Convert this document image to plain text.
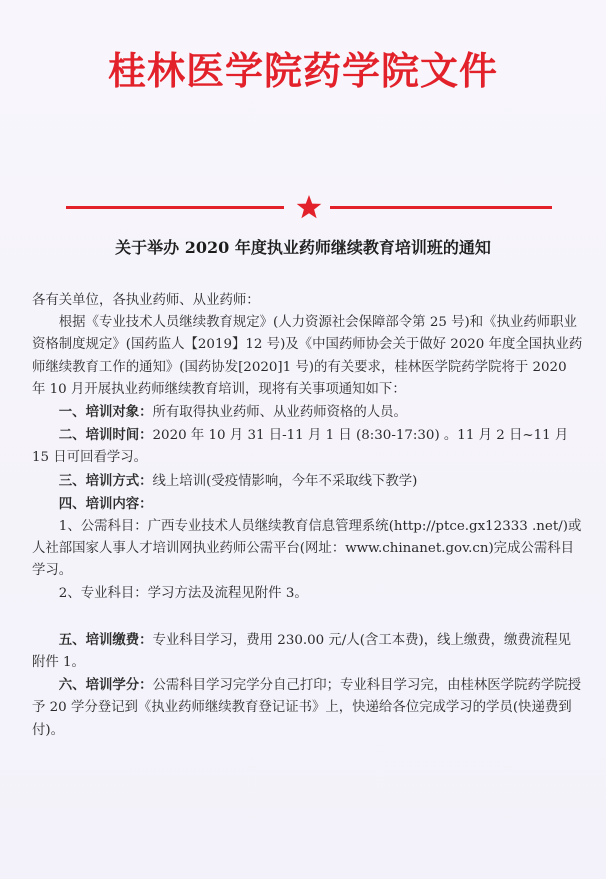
桂林医学院药学院文件
关于举办 2020 年度执业药师继续教育培训班的通知

各有关单位，各执业药师、从业药师：

根据《专业技术人员继续教育规定》(人力资源社会保障部令第 25 号)和《执业药师职业资格制度规定》(国药监人【2019】12 号)及《中国药师协会关于做好 2020 年度全国执业药师继续教育工作的通知》(国药协发[2020]1 号)的有关要求，桂林医学院药学院将于 2020 年 10 月开展执业药师继续教育培训，现将有关事项通知如下：

一、培训对象：所有取得执业药师、从业药师资格的人员。

二、培训时间：2020 年 10 月 31 日-11 月 1 日 (8:30-17:30) 。11 月 2 日~11 月 15 日可回看学习。

三、培训方式：线上培训(受疫情影响，今年不采取线下教学)

四、培训内容：

1、公需科目：广西专业技术人员继续教育信息管理系统(http://ptce.gx12333 .net/)或人社部国家人事人才培训网执业药师公需平台(网址：www.chinanet.gov.cn)完成公需科目学习。

2、专业科目：学习方法及流程见附件 3。

五、培训缴费：专业科目学习，费用 230.00 元/人(含工本费)，线上缴费，缴费流程见附件 1。

六、培训学分：公需科目学习完学分自己打印；专业科目学习完，由桂林医学院药学院授予 20 学分登记到《执业药师继续教育登记证书》上，快递给各位完成学习的学员(快递费到付)。
